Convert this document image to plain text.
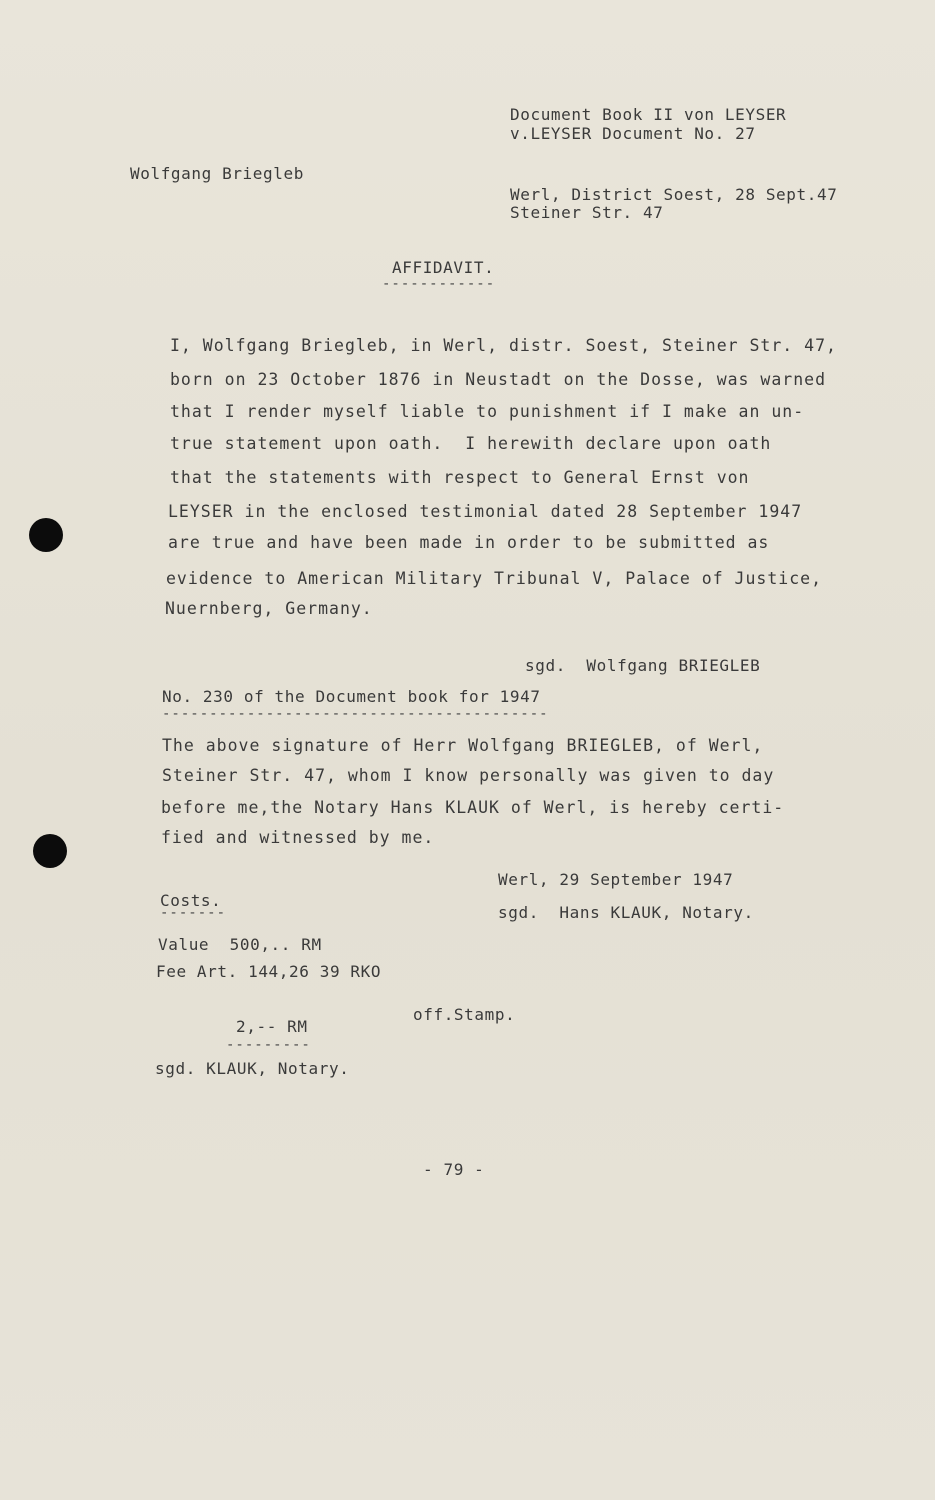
Document Book II von LEYSER
v.LEYSER Document No. 27
Wolfgang Briegleb
Werl, District Soest, 28 Sept.47
Steiner Str. 47
AFFIDAVIT.
------------
I, Wolfgang Briegleb, in Werl, distr. Soest, Steiner Str. 47,
born on 23 October 1876 in Neustadt on the Dosse, was warned
that I render myself liable to punishment if I make an un-
true statement upon oath.  I herewith declare upon oath
that the statements with respect to General Ernst von
LEYSER in the enclosed testimonial dated 28 September 1947
are true and have been made in order to be submitted as
evidence to American Military Tribunal V, Palace of Justice,
Nuernberg, Germany.
sgd.  Wolfgang BRIEGLEB
No. 230 of the Document book for 1947
-----------------------------------------
The above signature of Herr Wolfgang BRIEGLEB, of Werl,
Steiner Str. 47, whom I know personally was given to day
before me,the Notary Hans KLAUK of Werl, is hereby certi-
fied and witnessed by me.
Werl, 29 September 1947
Costs.
-------	sgd.  Hans KLAUK, Notary.
Value  500,.. RM
Fee Art. 144,26 39 RKO
off.Stamp.
2,-- RM
---------
sgd. KLAUK, Notary.
- 79 -
